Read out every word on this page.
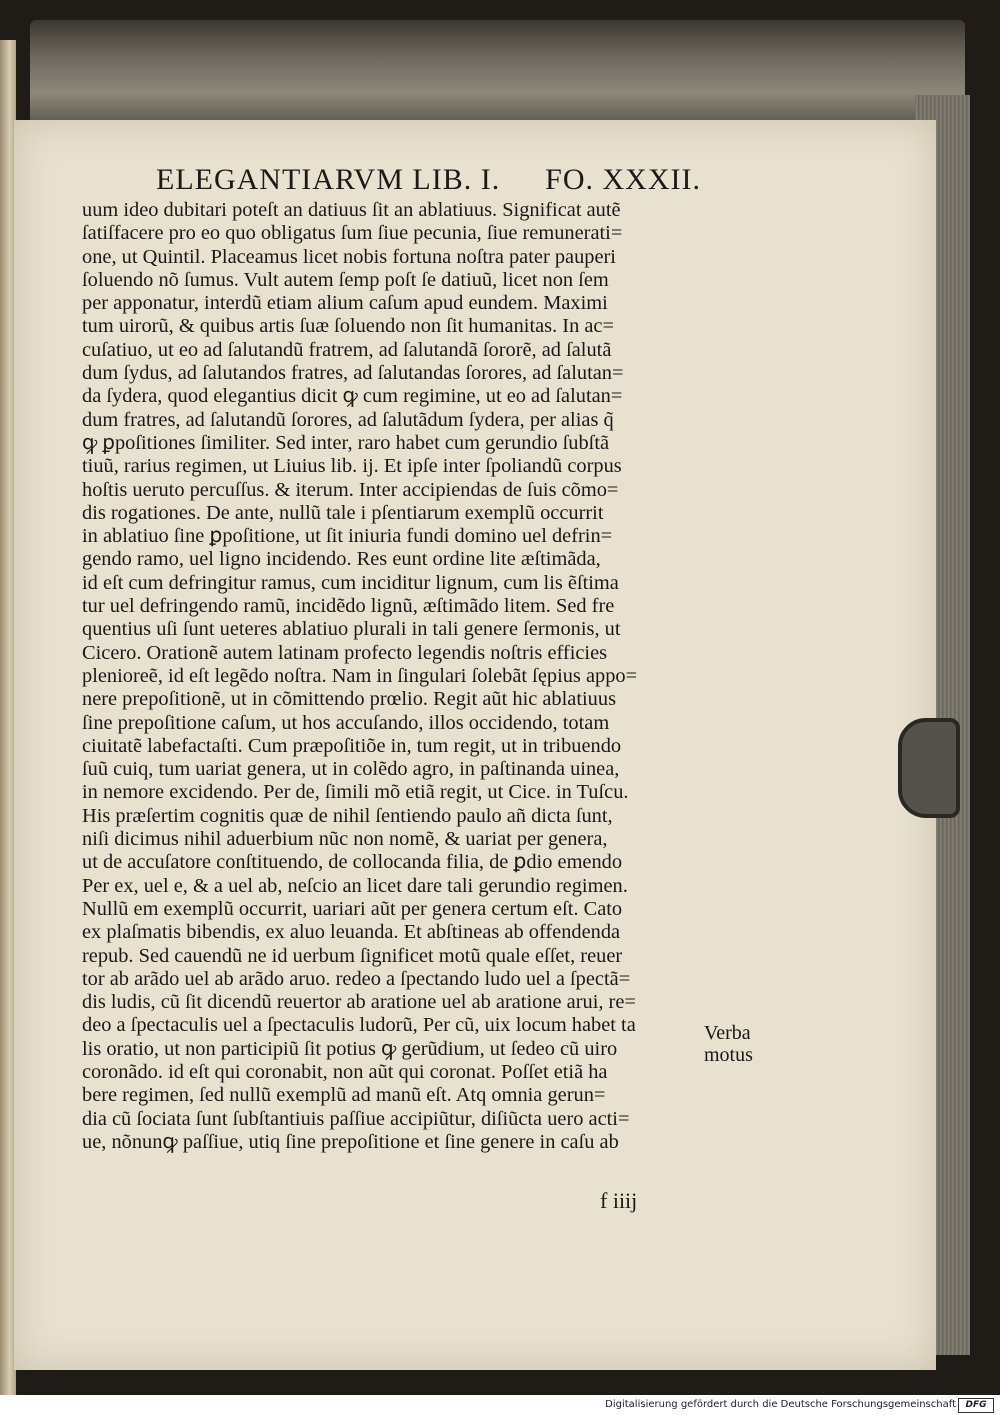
ELEGANTIARVM LIB. I. FO. XXXII.
uum ideo dubitari poteſt an datiuus ſit an ablatiuus. Significat autẽ
ſatiſfacere pro eo quo obligatus ſum ſiue pecunia, ſiue remunerati=
one, ut Quintil. Placeamus licet nobis fortuna noſtra pater pauperi
ſoluendo nõ ſumus. Vult autem ſemp poſt ſe datiuũ, licet non ſem
per apponatur, interdũ etiam alium caſum apud eundem. Maximi
tum uirorũ, & quibus artis ſuæ ſoluendo non ſit humanitas. In ac=
cuſatiuo, ut eo ad ſalutandũ fratrem, ad ſalutandã ſororẽ, ad ſalutã
dum ſydus, ad ſalutandos fratres, ad ſalutandas ſorores, ad ſalutan=
da ſydera, quod elegantius dicit ꝙ cum regimine, ut eo ad ſalutan=
dum fratres, ad ſalutandũ ſorores, ad ſalutãdum ſydera, per alias q̃
ꝙ ꝑpoſitiones ſimiliter. Sed inter, raro habet cum gerundio ſubſtã
tiuũ, rarius regimen, ut Liuius lib. ij. Et ipſe inter ſpoliandũ corpus
hoſtis ueruto percuſſus. & iterum. Inter accipiendas de ſuis cõmo=
dis rogationes. De ante, nullũ tale i pſentiarum exemplũ occurrit
in ablatiuo ſine ꝑpoſitione, ut ſit iniuria fundi domino uel defrin=
gendo ramo, uel ligno incidendo. Res eunt ordine lite æſtimãda,
id eſt cum defringitur ramus, cum inciditur lignum, cum lis ẽſtima
tur uel defringendo ramũ, incidẽdo lignũ, æſtimãdo litem. Sed fre
quentius uſi ſunt ueteres ablatiuo plurali in tali genere ſermonis, ut
Cicero. Orationẽ autem latinam profecto legendis noſtris efficies
plenioreẽ, id eſt legẽdo noſtra. Nam in ſingulari ſolebãt ſępius appo=
nere prepoſitionẽ, ut in cõmittendo prœlio. Regit aũt hic ablatiuus
ſine prepoſitione caſum, ut hos accuſando, illos occidendo, totam
ciuitatẽ labefactaſti. Cum præpoſitiõe in, tum regit, ut in tribuendo
ſuũ cuiq, tum uariat genera, ut in colẽdo agro, in paſtinanda uinea,
in nemore excidendo. Per de, ſimili mõ etiã regit, ut Cice. in Tuſcu.
His præſertim cognitis quæ de nihil ſentiendo paulo añ dicta ſunt,
niſi dicimus nihil aduerbium nũc non nomẽ, & uariat per genera,
ut de accuſatore conſtituendo, de collocanda filia, de ꝑdio emendo
Per ex, uel e, & a uel ab, neſcio an licet dare tali gerundio regimen.
Nullũ em exemplũ occurrit, uariari aũt per genera certum eſt. Cato
ex plaſmatis bibendis, ex aluo leuanda. Et abſtineas ab offendenda
repub. Sed cauendũ ne id uerbum ſignificet motũ quale eſſet, reuer
tor ab arãdo uel ab arãdo aruo. redeo a ſpectando ludo uel a ſpectã=
dis ludis, cũ ſit dicendũ reuertor ab aratione uel ab aratione arui, re=
deo a ſpectaculis uel a ſpectaculis ludorũ, Per cũ, uix locum habet ta
lis oratio, ut non participiũ ſit potius ꝙ gerũdium, ut ſedeo cũ uiro
coronãdo. id eſt qui coronabit, non aũt qui coronat. Poſſet etiã ha
bere regimen, ſed nullũ exemplũ ad manũ eſt. Atq omnia gerun=
dia cũ ſociata ſunt ſubſtantiuis paſſiue accipiũtur, diſiũcta uero acti=
ue, nõnunꝙ paſſiue, utiq ſine prepoſitione et ſine genere in caſu ab
Verba
motus
f iiij
Digitalisierung gefördert durch die Deutsche Forschungsgemeinschaft	DFG
